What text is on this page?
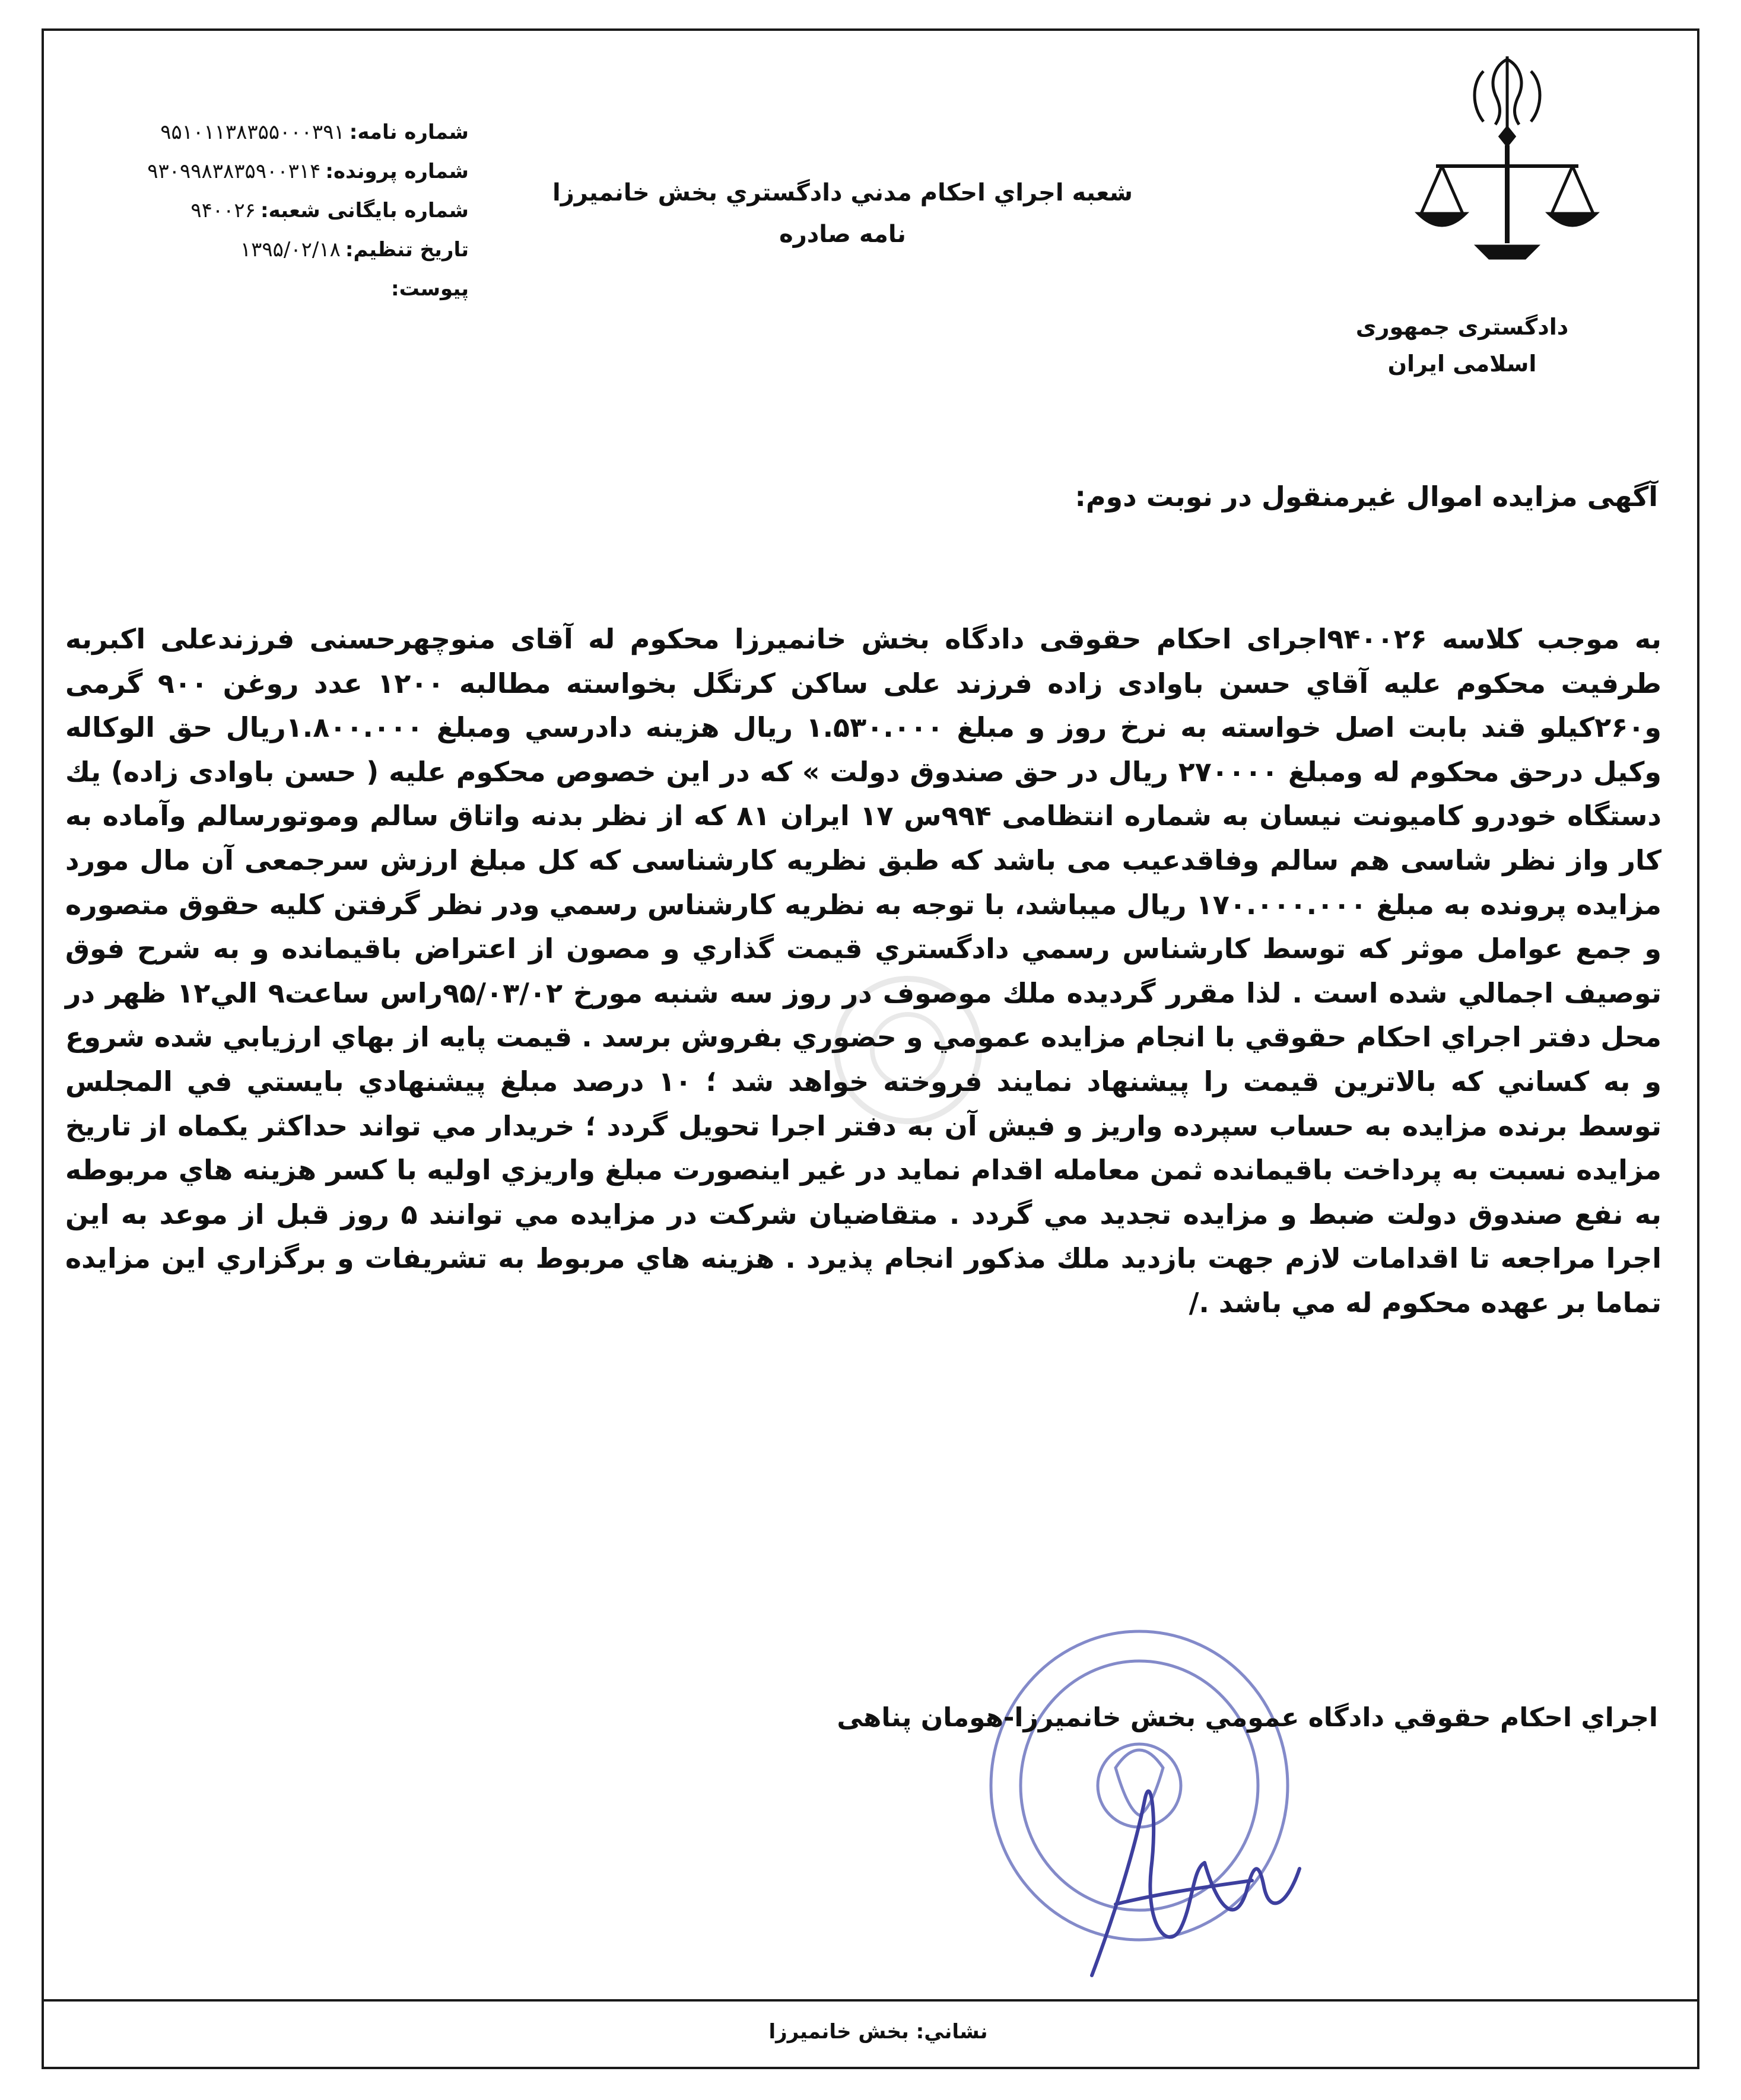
دادگستری جمهوری اسلامی ایران
شعبه اجراي احكام مدني دادگستري بخش خانميرزا
نامه صادره
شماره نامه:۹۵۱۰۱۱۳۸۳۵۵۰۰۰۳۹۱
شماره پرونده:۹۳۰۹۹۸۳۸۳۵۹۰۰۳۱۴
شماره بایگانی شعبه:۹۴۰۰۲۶
تاریخ تنظیم:۱۳۹۵/۰۲/۱۸
پیوست:
آگهی مزایده اموال غیرمنقول در نوبت دوم:
به موجب کلاسه ۹۴۰۰۲۶اجرای احکام حقوقی دادگاه بخش خانمیرزا محکوم له آقای منوچهرحسنی فرزندعلی اکبربه طرفیت محکوم علیه آقاي حسن باوادی زاده فرزند علی ساکن کرتگل بخواسته مطالبه ۱۲۰۰ عدد روغن ۹۰۰ گرمی و۲۶۰کیلو قند بابت اصل خواسته به نرخ روز و مبلغ ۱.۵۳۰.۰۰۰ ریال هزینه دادرسي ومبلغ ۱.۸۰۰.۰۰۰ریال حق الوکاله وکیل درحق محکوم له ومبلغ ۲۷۰۰۰۰ ریال در حق صندوق دولت » كه در این خصوص محکوم علیه ( حسن باوادی زاده) يك دستگاه خودرو کامیونت نیسان به شماره انتظامی ۹۹۴س ۱۷ ایران ۸۱ که از نظر بدنه واتاق سالم وموتورسالم وآماده به کار واز نظر شاسی هم سالم وفاقدعیب می باشد که طبق نظریه کارشناسی که کل مبلغ ارزش سرجمعی آن مال مورد مزایده پرونده به مبلغ ۱۷۰.۰۰۰.۰۰۰ ریال میباشد، با توجه به نظریه کارشناس رسمي ودر نظر گرفتن كليه حقوق متصوره و جمع عوامل موثر كه توسط كارشناس رسمي دادگستري قيمت گذاري و مصون از اعتراض باقيمانده و به شرح فوق توصيف اجمالي شده است . لذا مقرر گرديده ملك موصوف در روز سه شنبه مورخ ۹۵/۰۳/۰۲راس ساعت۹ الي۱۲ ظهر در محل دفتر اجراي احكام حقوقي با انجام مزايده عمومي و حضوري بفروش برسد . قيمت پايه از بهاي ارزيابي شده شروع و به كساني كه بالاترين قيمت را پيشنهاد نمايند فروخته خواهد شد ؛ ۱۰ درصد مبلغ پيشنهادي بايستي في المجلس توسط برنده مزايده به حساب سپرده واريز و فيش آن به دفتر اجرا تحويل گردد ؛ خريدار مي تواند حداكثر يكماه از تاريخ مزايده نسبت به پرداخت باقيمانده ثمن معامله اقدام نمايد در غير اينصورت مبلغ واريزي اوليه با كسر هزينه هاي مربوطه به نفع صندوق دولت ضبط و مزايده تجديد مي گردد . متقاضيان شركت در مزايده مي توانند ۵ روز قبل از موعد به اين اجرا مراجعه تا اقدامات لازم جهت بازديد ملك مذكور انجام پذيرد . هزينه هاي مربوط به تشريفات و برگزاري اين مزايده تماما بر عهده محكوم له مي باشد ./
اجراي احكام حقوقي دادگاه عمومي بخش خانميرزا-هومان پناهی
نشاني: بخش خانميرزا
